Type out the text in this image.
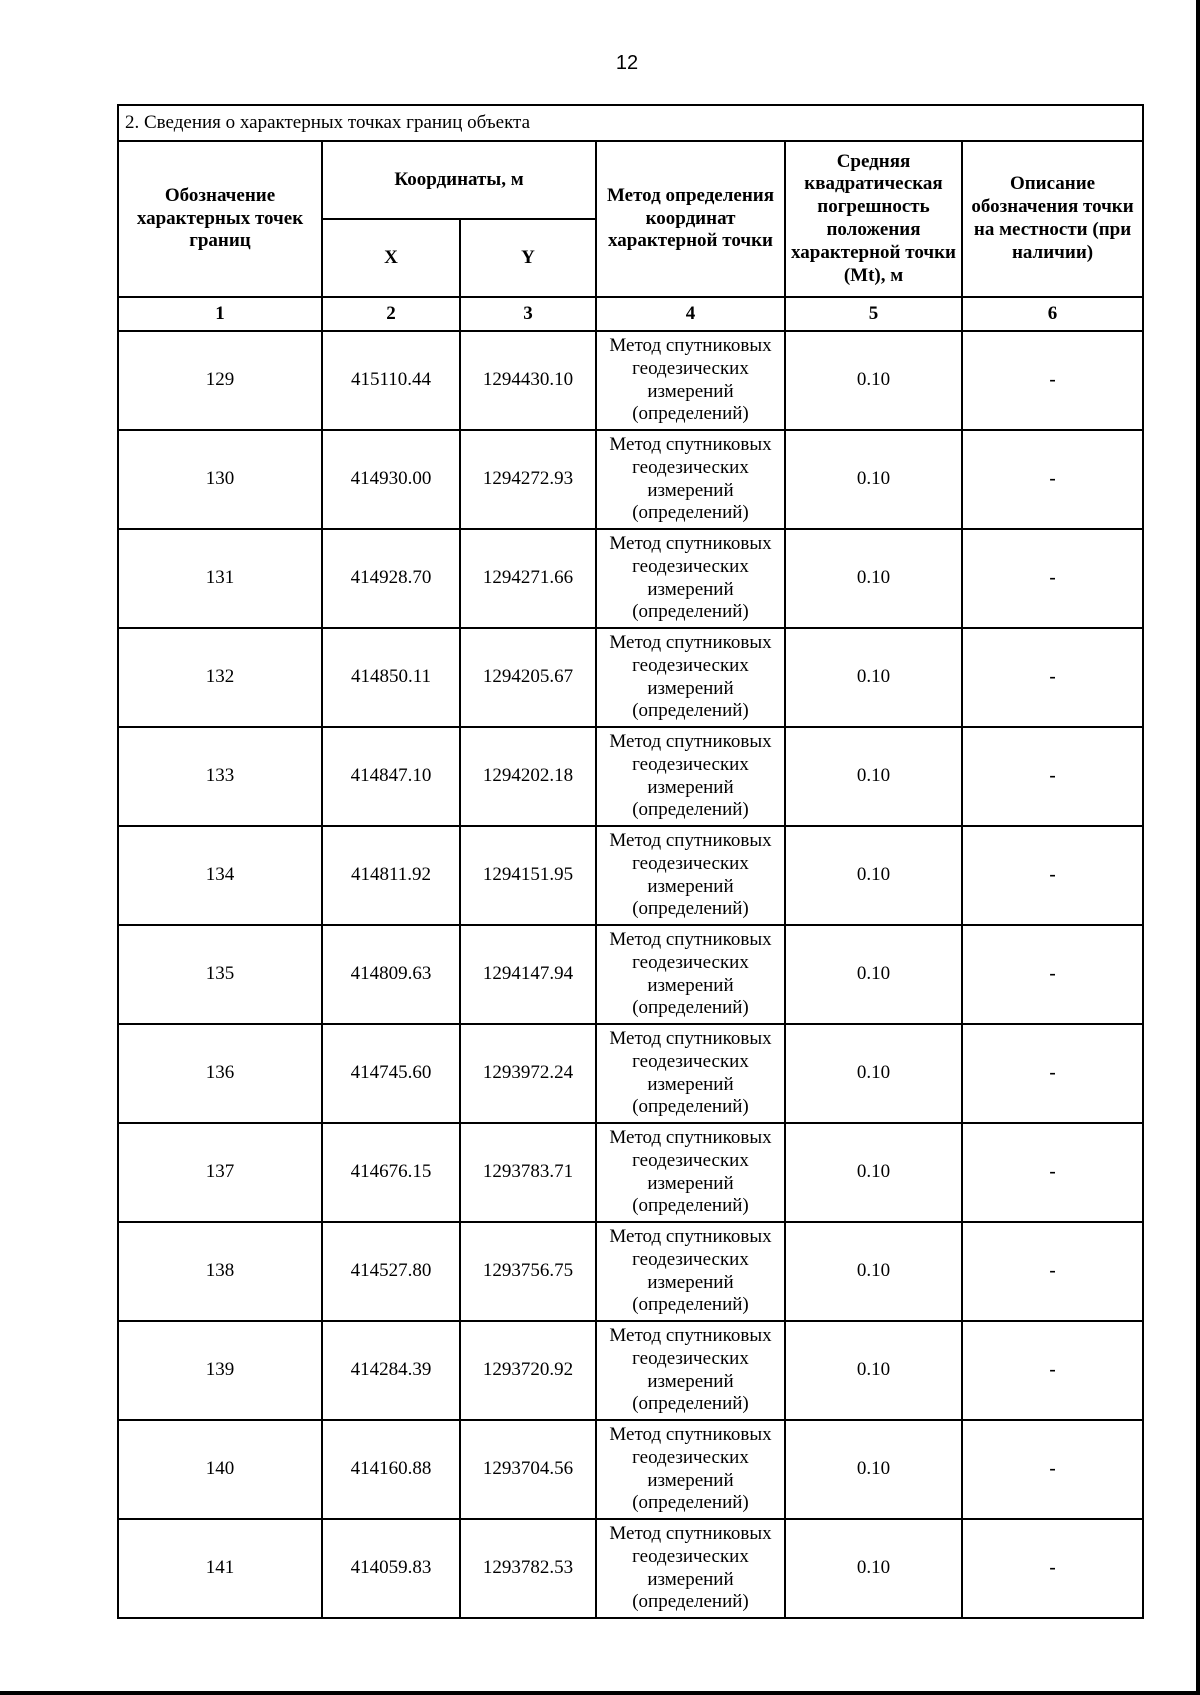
12
2. Сведения о характерных точках границ объекта					
Обозначение характерных точек границ	Координаты, м		Метод определения координат характерной точки	Средняя квадратическая погрешность положения характерной точки (Mt), м	Описание обозначения точки на местности (при наличии)
	X	Y			
1	2	3	4	5	6
129	415110.44	1294430.10	Метод спутниковых геодезических измерений (определений)	0.10	-
130	414930.00	1294272.93	Метод спутниковых геодезических измерений (определений)	0.10	-
131	414928.70	1294271.66	Метод спутниковых геодезических измерений (определений)	0.10	-
132	414850.11	1294205.67	Метод спутниковых геодезических измерений (определений)	0.10	-
133	414847.10	1294202.18	Метод спутниковых геодезических измерений (определений)	0.10	-
134	414811.92	1294151.95	Метод спутниковых геодезических измерений (определений)	0.10	-
135	414809.63	1294147.94	Метод спутниковых геодезических измерений (определений)	0.10	-
136	414745.60	1293972.24	Метод спутниковых геодезических измерений (определений)	0.10	-
137	414676.15	1293783.71	Метод спутниковых геодезических измерений (определений)	0.10	-
138	414527.80	1293756.75	Метод спутниковых геодезических измерений (определений)	0.10	-
139	414284.39	1293720.92	Метод спутниковых геодезических измерений (определений)	0.10	-
140	414160.88	1293704.56	Метод спутниковых геодезических измерений (определений)	0.10	-
141	414059.83	1293782.53	Метод спутниковых геодезических измерений (определений)	0.10	-
